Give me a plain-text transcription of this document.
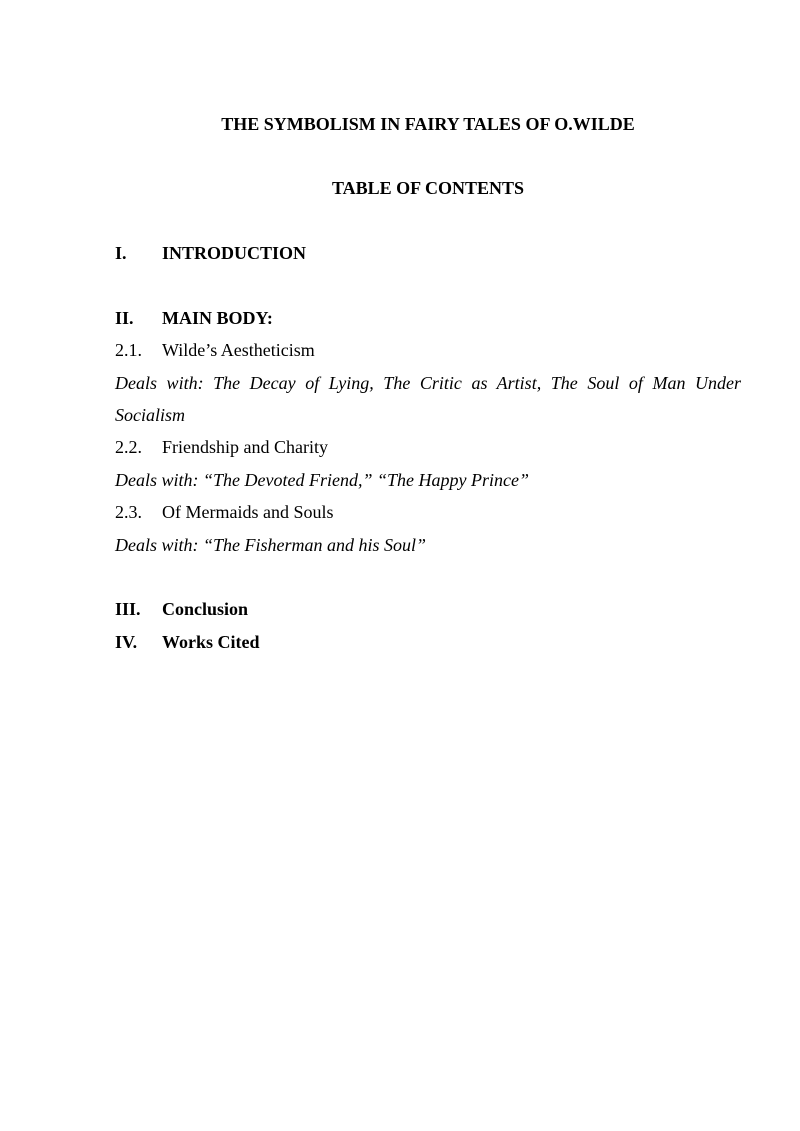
THE SYMBOLISM IN FAIRY TALES OF O.WILDE
TABLE OF CONTENTS
I. INTRODUCTION
II. MAIN BODY:
2.1. Wilde’s Aestheticism
Deals with: The Decay of Lying, The Critic as Artist, The Soul of Man Under
Socialism
2.2. Friendship and Charity
Deals with: “The Devoted Friend,” “The Happy Prince”
2.3. Of Mermaids and Souls
Deals with: “The Fisherman and his Soul”
III. Conclusion
IV. Works Cited
